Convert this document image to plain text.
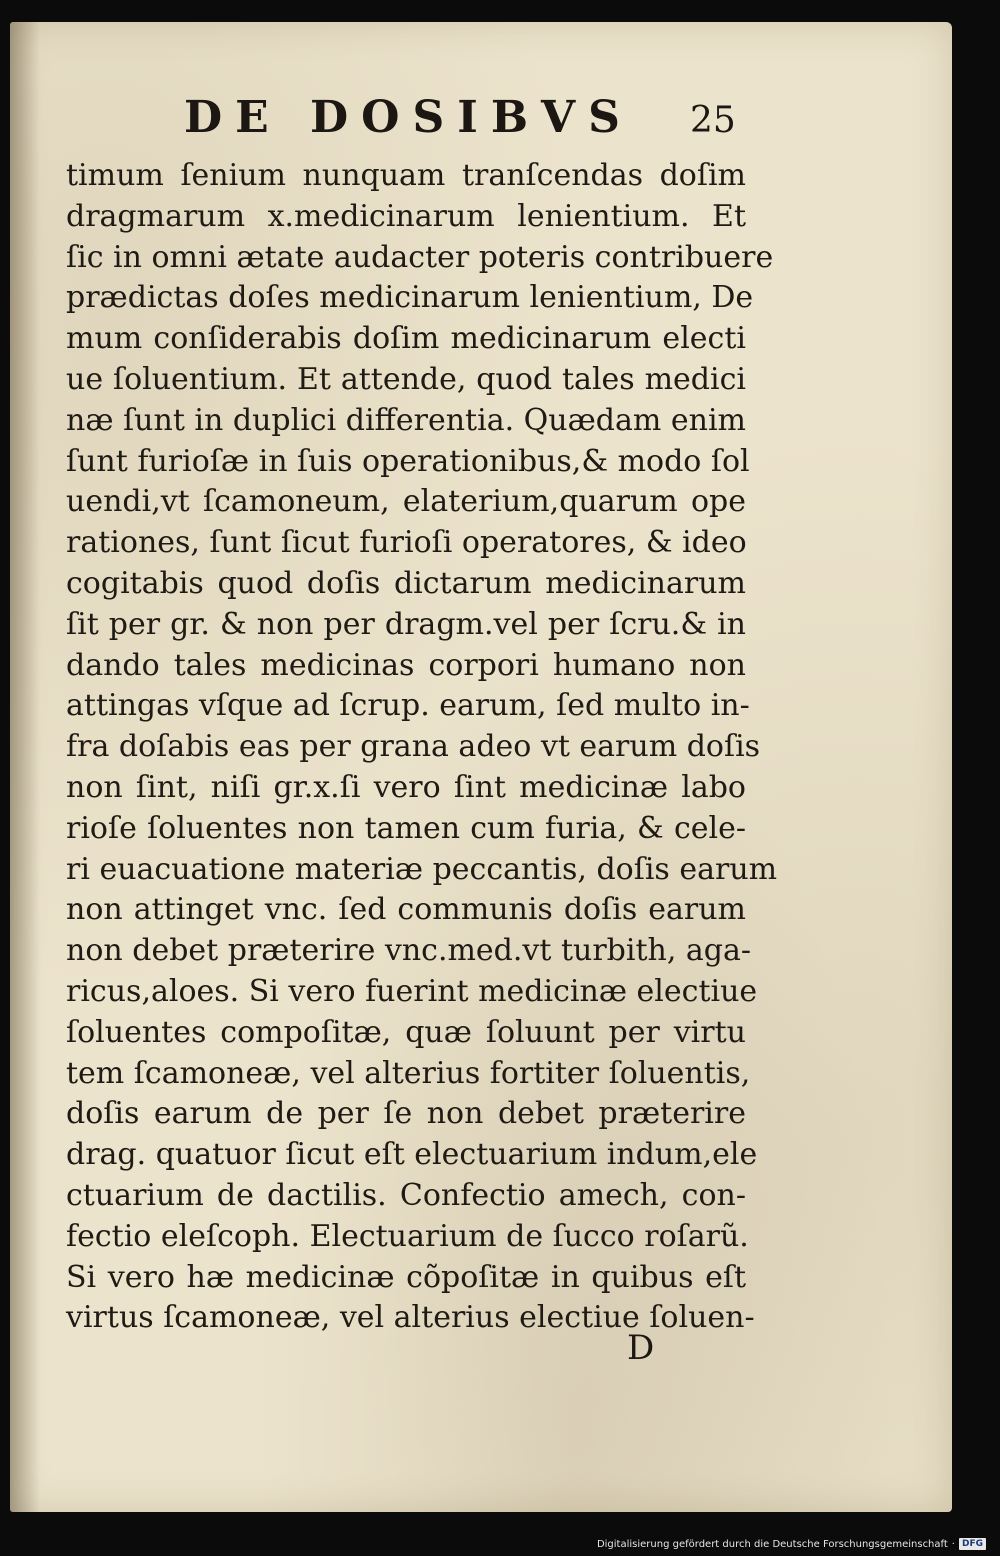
DE DOSIBVS 25
timum ſenium nunquam tranſcendas doſim
dragmarum x.medicinarum lenientium. Et
ſic in omni ætate audacter poteris contribuere
prædictas doſes medicinarum lenientium, De
mum conſiderabis doſim medicinarum electi
ue ſoluentium. Et attende, quod tales medici
næ ſunt in duplici differentia. Quædam enim
ſunt furioſæ in ſuis operationibus,& modo ſol
uendi,vt ſcamoneum, elaterium,quarum ope
rationes, ſunt ſicut furioſi operatores, & ideo
cogitabis quod doſis dictarum medicinarum
ſit per gr. & non per dragm.vel per ſcru.& in
dando tales medicinas corpori humano non
attingas vſque ad ſcrup. earum, ſed multo in-
fra doſabis eas per grana adeo vt earum doſis
non ſint, niſi gr.x.ſi vero ſint medicinæ labo
rioſe ſoluentes non tamen cum furia, & cele-
ri euacuatione materiæ peccantis, doſis earum
non attinget vnc. ſed communis doſis earum
non debet præterire vnc.med.vt turbith, aga-
ricus,aloes. Si vero fuerint medicinæ electiue
ſoluentes compoſitæ, quæ ſoluunt per virtu
tem ſcamoneæ, vel alterius fortiter ſoluentis,
doſis earum de per ſe non debet præterire
drag. quatuor ſicut eſt electuarium indum,ele
ctuarium de dactilis. Confectio amech, con-
fectio eleſcoph. Electuarium de ſucco roſarũ.
Si vero hæ medicinæ cõpoſitæ in quibus eſt
virtus ſcamoneæ, vel alterius electiue ſoluen-
D
Digitalisierung gefördert durch die Deutsche Forschungsgemeinschaft · DFG
